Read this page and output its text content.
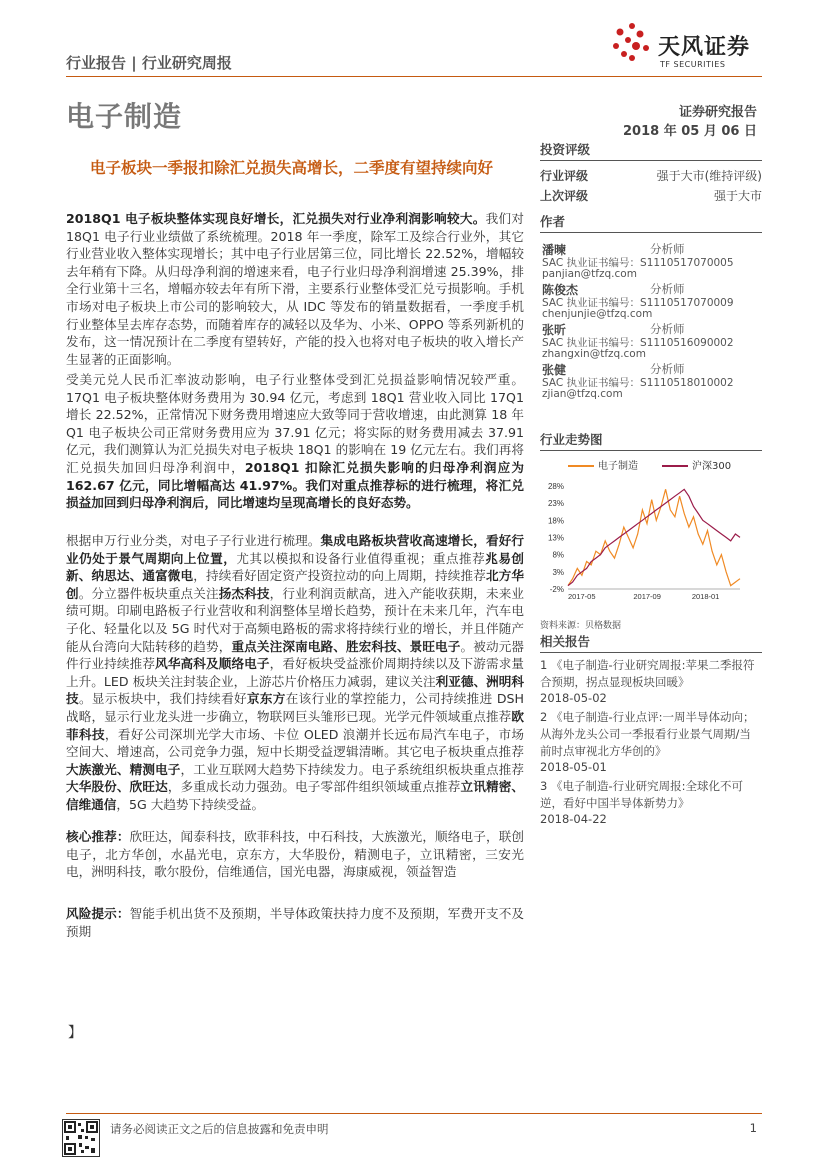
行业报告 | 行业研究周报
天风证券
TF SECURITIES
电子制造	证券研究报告
2018 年 05 月 06 日
电子板块一季报扣除汇兑损失高增长，二季度有望持续向好
2018Q1 电子板块整体实现良好增长，汇兑损失对行业净利润影响较大。我们对 18Q1 电子行业业绩做了系统梳理。2018 年一季度，除军工及综合行业外，其它行业营业收入整体实现增长；其中电子行业居第三位，同比增长 22.52%，增幅较去年稍有下降。从归母净利润的增速来看，电子行业归母净利润增速 25.39%，排全行业第十三名，增幅亦较去年有所下滑，主要系行业整体受汇兑亏损影响。手机市场对电子板块上市公司的影响较大，从 IDC 等发布的销量数据看，一季度手机行业整体呈去库存态势，而随着库存的减轻以及华为、小米、OPPO 等系列新机的发布，这一情况预计在二季度有望转好，产能的投入也将对电子板块的收入增长产生显著的正面影响。
受美元兑人民币汇率波动影响，电子行业整体受到汇兑损益影响情况较严重。17Q1 电子板块整体财务费用为 30.94 亿元，考虑到 18Q1 营业收入同比 17Q1 增长 22.52%，正常情况下财务费用增速应大致等同于营收增速，由此测算 18 年 Q1 电子板块公司正常财务费用应为 37.91 亿元；将实际的财务费用减去 37.91 亿元，我们测算认为汇兑损失对电子板块 18Q1 的影响在 19 亿元左右。我们再将汇兑损失加回归母净利润中，2018Q1 扣除汇兑损失影响的归母净利润应为 162.67 亿元，同比增幅高达 41.97%。我们对重点推荐标的进行梳理，将汇兑损益加回到归母净利润后，同比增速均呈现高增长的良好态势。
根据申万行业分类，对电子子行业进行梳理。集成电路板块营收高速增长，看好行业仍处于景气周期向上位置，尤其以模拟和设备行业值得重视；重点推荐兆易创新、纳思达、通富微电，持续看好固定资产投资拉动的向上周期，持续推荐北方华创。分立器件板块重点关注扬杰科技，行业利润贡献高，进入产能收获期，未来业绩可期。印刷电路板子行业营收和利润整体呈增长趋势，预计在未来几年，汽车电子化、轻量化以及 5G 时代对于高频电路板的需求将持续行业的增长，并且伴随产能从台湾向大陆转移的趋势，重点关注深南电路、胜宏科技、景旺电子。被动元器件行业持续推荐风华高科及顺络电子，看好板块受益涨价周期持续以及下游需求量上升。LED 板块关注封装企业，上游芯片价格压力减弱，建议关注利亚德、洲明科技。显示板块中，我们持续看好京东方在该行业的掌控能力，公司持续推进 DSH 战略，显示行业龙头进一步确立，物联网巨头雏形已现。光学元件领域重点推荐欧菲科技，看好公司深圳光学大市场、卡位 OLED 浪潮并长远布局汽车电子，市场空间大、增速高，公司竞争力强，短中长期受益逻辑清晰。其它电子板块重点推荐大族激光、精测电子，工业互联网大趋势下持续发力。电子系统组织板块重点推荐大华股份、欣旺达，多重成长动力强劲。电子零部件组织领域重点推荐立讯精密、信维通信，5G 大趋势下持续受益。
核心推荐：欣旺达，闻泰科技，欧菲科技，中石科技，大族激光，顺络电子，联创电子，北方华创，水晶光电，京东方，大华股份，精测电子，立讯精密，三安光电，洲明科技，歌尔股份，信维通信，国光电器，海康威视，领益智造
风险提示：智能手机出货不及预期，半导体政策扶持力度不及预期，军费开支不及预期
】
投资评级
行业评级	强于大市(维持评级)
上次评级	强于大市
作者
潘暕	分析师
SAC 执业证书编号：S1110517070005
panjian@tfzq.com
陈俊杰	分析师
SAC 执业证书编号：S1110517070009
chenjunjie@tfzq.com
张昕	分析师
SAC 执业证书编号：S1110516090002
zhangxin@tfzq.com
张健	分析师
SAC 执业证书编号：S1110518010002
zjian@tfzq.com
行业走势图
电子制造	沪深300
-2%
3%
8%
13%
18%
23%
28%
2017-05	2017-09	2018-01
资料来源：贝格数据
相关报告
1 《电子制造-行业研究周报:苹果二季报符合预期，拐点显现板块回暖》
2018-05-02
2 《电子制造-行业点评:一周半导体动向；从海外龙头公司一季报看行业景气周期/当前时点审视北方华创的》
2018-05-01
3 《电子制造-行业研究周报:全球化不可逆，看好中国半导体新势力》
2018-04-22
请务必阅读正文之后的信息披露和免责申明	1
